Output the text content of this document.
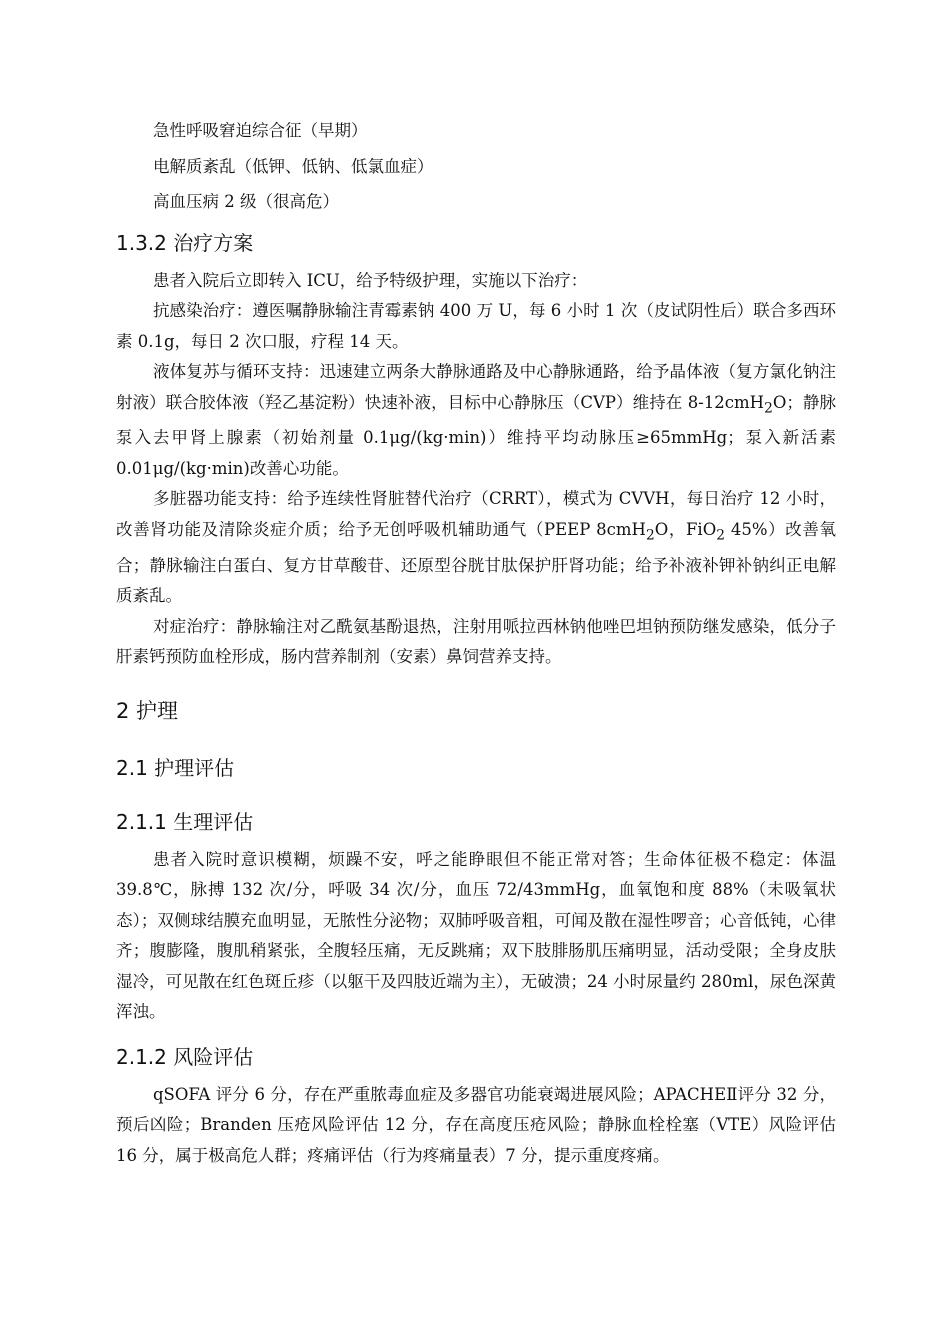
急性呼吸窘迫综合征（早期）

电解质紊乱（低钾、低钠、低氯血症）

高血压病 2 级（很高危）

1.3.2 治疗方案

患者入院后立即转入 ICU，给予特级护理，实施以下治疗：

抗感染治疗：遵医嘱静脉输注青霉素钠 400 万 U，每 6 小时 1 次（皮试阴性后）联合多西环素 0.1g，每日 2 次口服，疗程 14 天。

液体复苏与循环支持：迅速建立两条大静脉通路及中心静脉通路，给予晶体液（复方氯化钠注射液）联合胶体液（羟乙基淀粉）快速补液，目标中心静脉压（CVP）维持在 8-12cmH$_2$O；静脉泵入去甲肾上腺素（初始剂量 0.1μg/(kg·min)）维持平均动脉压≥65mmHg；泵入新活素 0.01μg/(kg·min)改善心功能。

多脏器功能支持：给予连续性肾脏替代治疗（CRRT），模式为 CVVH，每日治疗 12 小时，改善肾功能及清除炎症介质；给予无创呼吸机辅助通气（PEEP 8cmH$_2$O，FiO$_2$ 45%）改善氧合；静脉输注白蛋白、复方甘草酸苷、还原型谷胱甘肽保护肝肾功能；给予补液补钾补钠纠正电解质紊乱。

对症治疗：静脉输注对乙酰氨基酚退热，注射用哌拉西林钠他唑巴坦钠预防继发感染，低分子肝素钙预防血栓形成，肠内营养制剂（安素）鼻饲营养支持。

2 护理
2.1 护理评估
2.1.1 生理评估

患者入院时意识模糊，烦躁不安，呼之能睁眼但不能正常对答；生命体征极不稳定：体温 39.8℃，脉搏 132 次/分，呼吸 34 次/分，血压 72/43mmHg，血氧饱和度 88%（未吸氧状态）；双侧球结膜充血明显，无脓性分泌物；双肺呼吸音粗，可闻及散在湿性啰音；心音低钝，心律齐；腹膨隆，腹肌稍紧张，全腹轻压痛，无反跳痛；双下肢腓肠肌压痛明显，活动受限；全身皮肤湿冷，可见散在红色斑丘疹（以躯干及四肢近端为主），无破溃；24 小时尿量约 280ml，尿色深黄浑浊。

2.1.2 风险评估

qSOFA 评分 6 分，存在严重脓毒血症及多器官功能衰竭进展风险；APACHEⅡ评分 32 分，预后凶险；Branden 压疮风险评估 12 分，存在高度压疮风险；静脉血栓栓塞（VTE）风险评估 16 分，属于极高危人群；疼痛评估（行为疼痛量表）7 分，提示重度疼痛。
